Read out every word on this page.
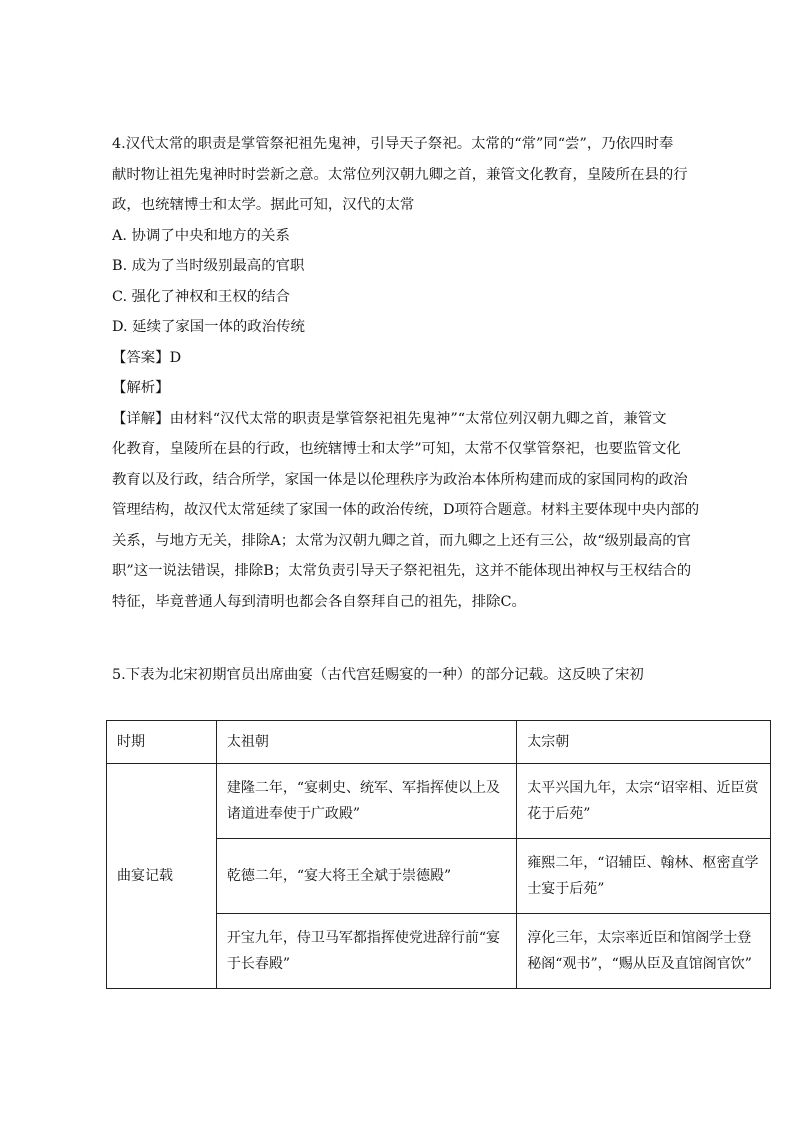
4.汉代太常的职责是掌管祭祀祖先鬼神，引导天子祭祀。太常的“常”同“尝”，乃依四时奉
献时物让祖先鬼神时时尝新之意。太常位列汉朝九卿之首，兼管文化教育，皇陵所在县的行
政，也统辖博士和太学。据此可知，汉代的太常
A. 协调了中央和地方的关系
B. 成为了当时级别最高的官职
C. 强化了神权和王权的结合
D. 延续了家国一体的政治传统
【答案】D
【解析】
【详解】由材料“汉代太常的职责是掌管祭祀祖先鬼神”“太常位列汉朝九卿之首，兼管文
化教育，皇陵所在县的行政，也统辖博士和太学”可知，太常不仅掌管祭祀，也要监管文化
教育以及行政，结合所学，家国一体是以伦理秩序为政治本体所构建而成的家国同构的政治
管理结构，故汉代太常延续了家国一体的政治传统，D项符合题意。材料主要体现中央内部的
关系，与地方无关，排除A；太常为汉朝九卿之首，而九卿之上还有三公，故“级别最高的官
职”这一说法错误，排除B；太常负责引导天子祭祀祖先，这并不能体现出神权与王权结合的
特征，毕竟普通人每到清明也都会各自祭拜自己的祖先，排除C。
5.下表为北宋初期官员出席曲宴（古代宫廷赐宴的一种）的部分记载。这反映了宋初
时期	太祖朝	太宗朝
曲宴记载	建隆二年，“宴刺史、统军、军指挥使以上及诸道进奉使于广政殿”	太平兴国九年，太宗“诏宰相、近臣赏花于后苑”
	乾德二年，“宴大将王全斌于崇德殿”	雍熙二年，“诏辅臣、翰林、枢密直学士宴于后苑”
	开宝九年，侍卫马军都指挥使党进辞行前“宴于长春殿”	淳化三年，太宗率近臣和馆阁学士登秘阁“观书”，“赐从臣及直馆阁官饮”
